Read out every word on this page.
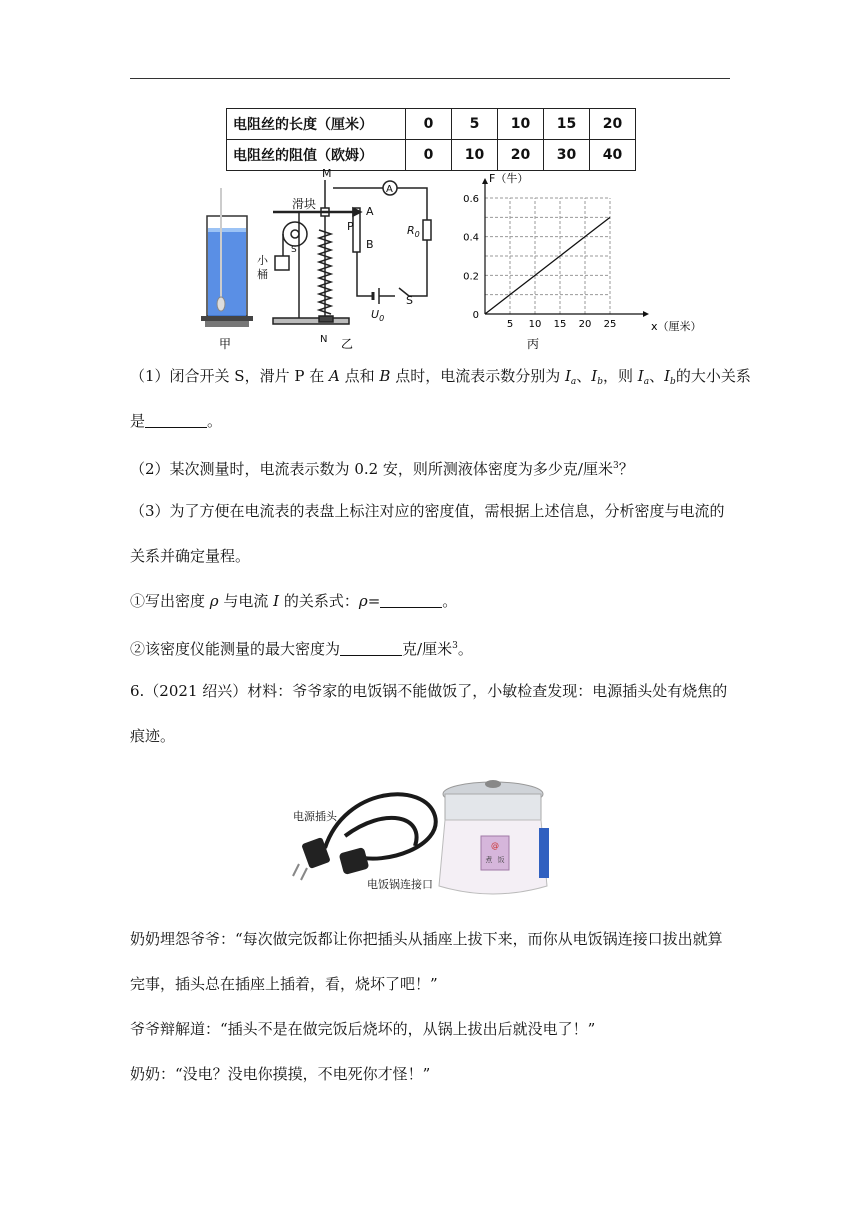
电阻丝的长度（厘米）	0	5	10	15	20
电阻丝的阻值（欧姆）	0	10	20	30	40
甲
M
N
滑块
A
B
P
S
S
小
桶
$R_0$
$U_0$
A
乙
5 10 15 20 25
0
0.2
0.4
0.6
F（牛）
x（厘米）
丙
（1）闭合开关 S，滑片 P 在 A 点和 B 点时，电流表示数分别为 $I_a$、$I_b$，则 $I_a$、$I_b$的大小关系
是	。
（2）某次测量时，电流表示数为 0.2 安，则所测液体密度为多少克/厘米$^3$？
（3）为了方便在电流表的表盘上标注对应的密度值，需根据上述信息，分析密度与电流的
关系并确定量程。
①写出密度 ρ 与电流 I 的关系式：ρ=	。
②该密度仪能测量的最大密度为	克/厘米$^3$。
6.（2021 绍兴）材料：爷爷家的电饭锅不能做饭了，小敏检查发现：电源插头处有烧焦的
痕迹。
电源插头
电饭锅连接口
@
煮 饭
奶奶埋怨爷爷：“每次做完饭都让你把插头从插座上拔下来，而你从电饭锅连接口拔出就算
完事，插头总在插座上插着，看，烧坏了吧！”
爷爷辩解道：“插头不是在做完饭后烧坏的，从锅上拔出后就没电了！”
奶奶：“没电？没电你摸摸，不电死你才怪！”
